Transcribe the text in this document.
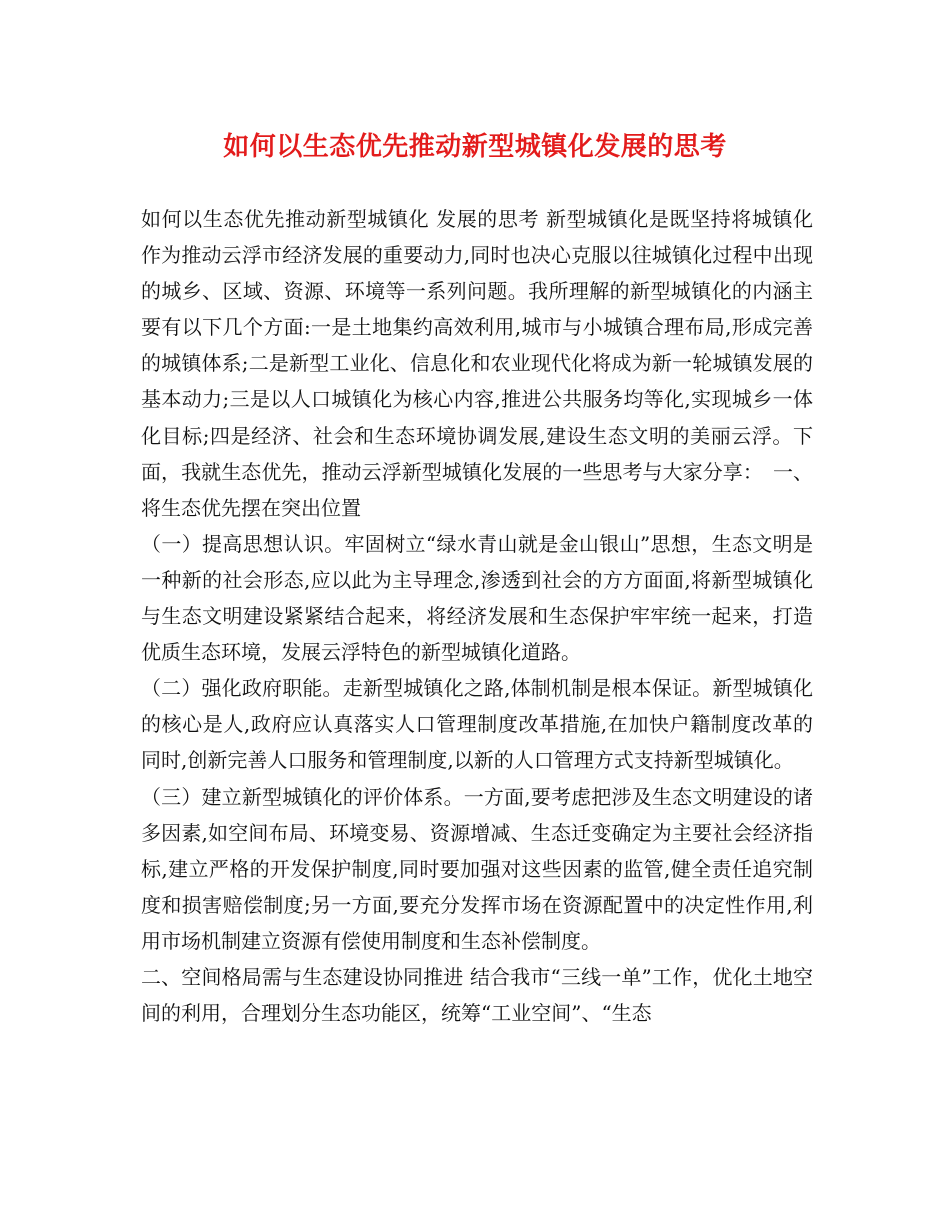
如何以生态优先推动新型城镇化发展的思考

如何以生态优先推动新型城镇化 发展的思考 新型城镇化是既坚持将城镇化作为推动云浮市经济发展的重要动力,同时也决心克服以往城镇化过程中出现的城乡、区域、资源、环境等一系列问题。我所理解的新型城镇化的内涵主要有以下几个方面:一是土地集约高效利用,城市与小城镇合理布局,形成完善的城镇体系;二是新型工业化、信息化和农业现代化将成为新一轮城镇发展的基本动力;三是以人口城镇化为核心内容,推进公共服务均等化,实现城乡一体化目标;四是经济、社会和生态环境协调发展,建设生态文明的美丽云浮。下面，我就生态优先，推动云浮新型城镇化发展的一些思考与大家分享：　一、将生态优先摆在突出位置

（一）提高思想认识。牢固树立“绿水青山就是金山银山”思想，生态文明是一种新的社会形态,应以此为主导理念,渗透到社会的方方面面,将新型城镇化与生态文明建设紧紧结合起来，将经济发展和生态保护牢牢统一起来，打造优质生态环境，发展云浮特色的新型城镇化道路。

（二）强化政府职能。走新型城镇化之路,体制机制是根本保证。新型城镇化的核心是人,政府应认真落实人口管理制度改革措施,在加快户籍制度改革的同时,创新完善人口服务和管理制度,以新的人口管理方式支持新型城镇化。

（三）建立新型城镇化的评价体系。一方面,要考虑把涉及生态文明建设的诸多因素,如空间布局、环境变易、资源增减、生态迁变确定为主要社会经济指标,建立严格的开发保护制度,同时要加强对这些因素的监管,健全责任追究制度和损害赔偿制度;另一方面,要充分发挥市场在资源配置中的决定性作用,利用市场机制建立资源有偿使用制度和生态补偿制度。

二、空间格局需与生态建设协同推进 结合我市“三线一单”工作，优化土地空间的利用，合理划分生态功能区，统筹“工业空间”、“生态
